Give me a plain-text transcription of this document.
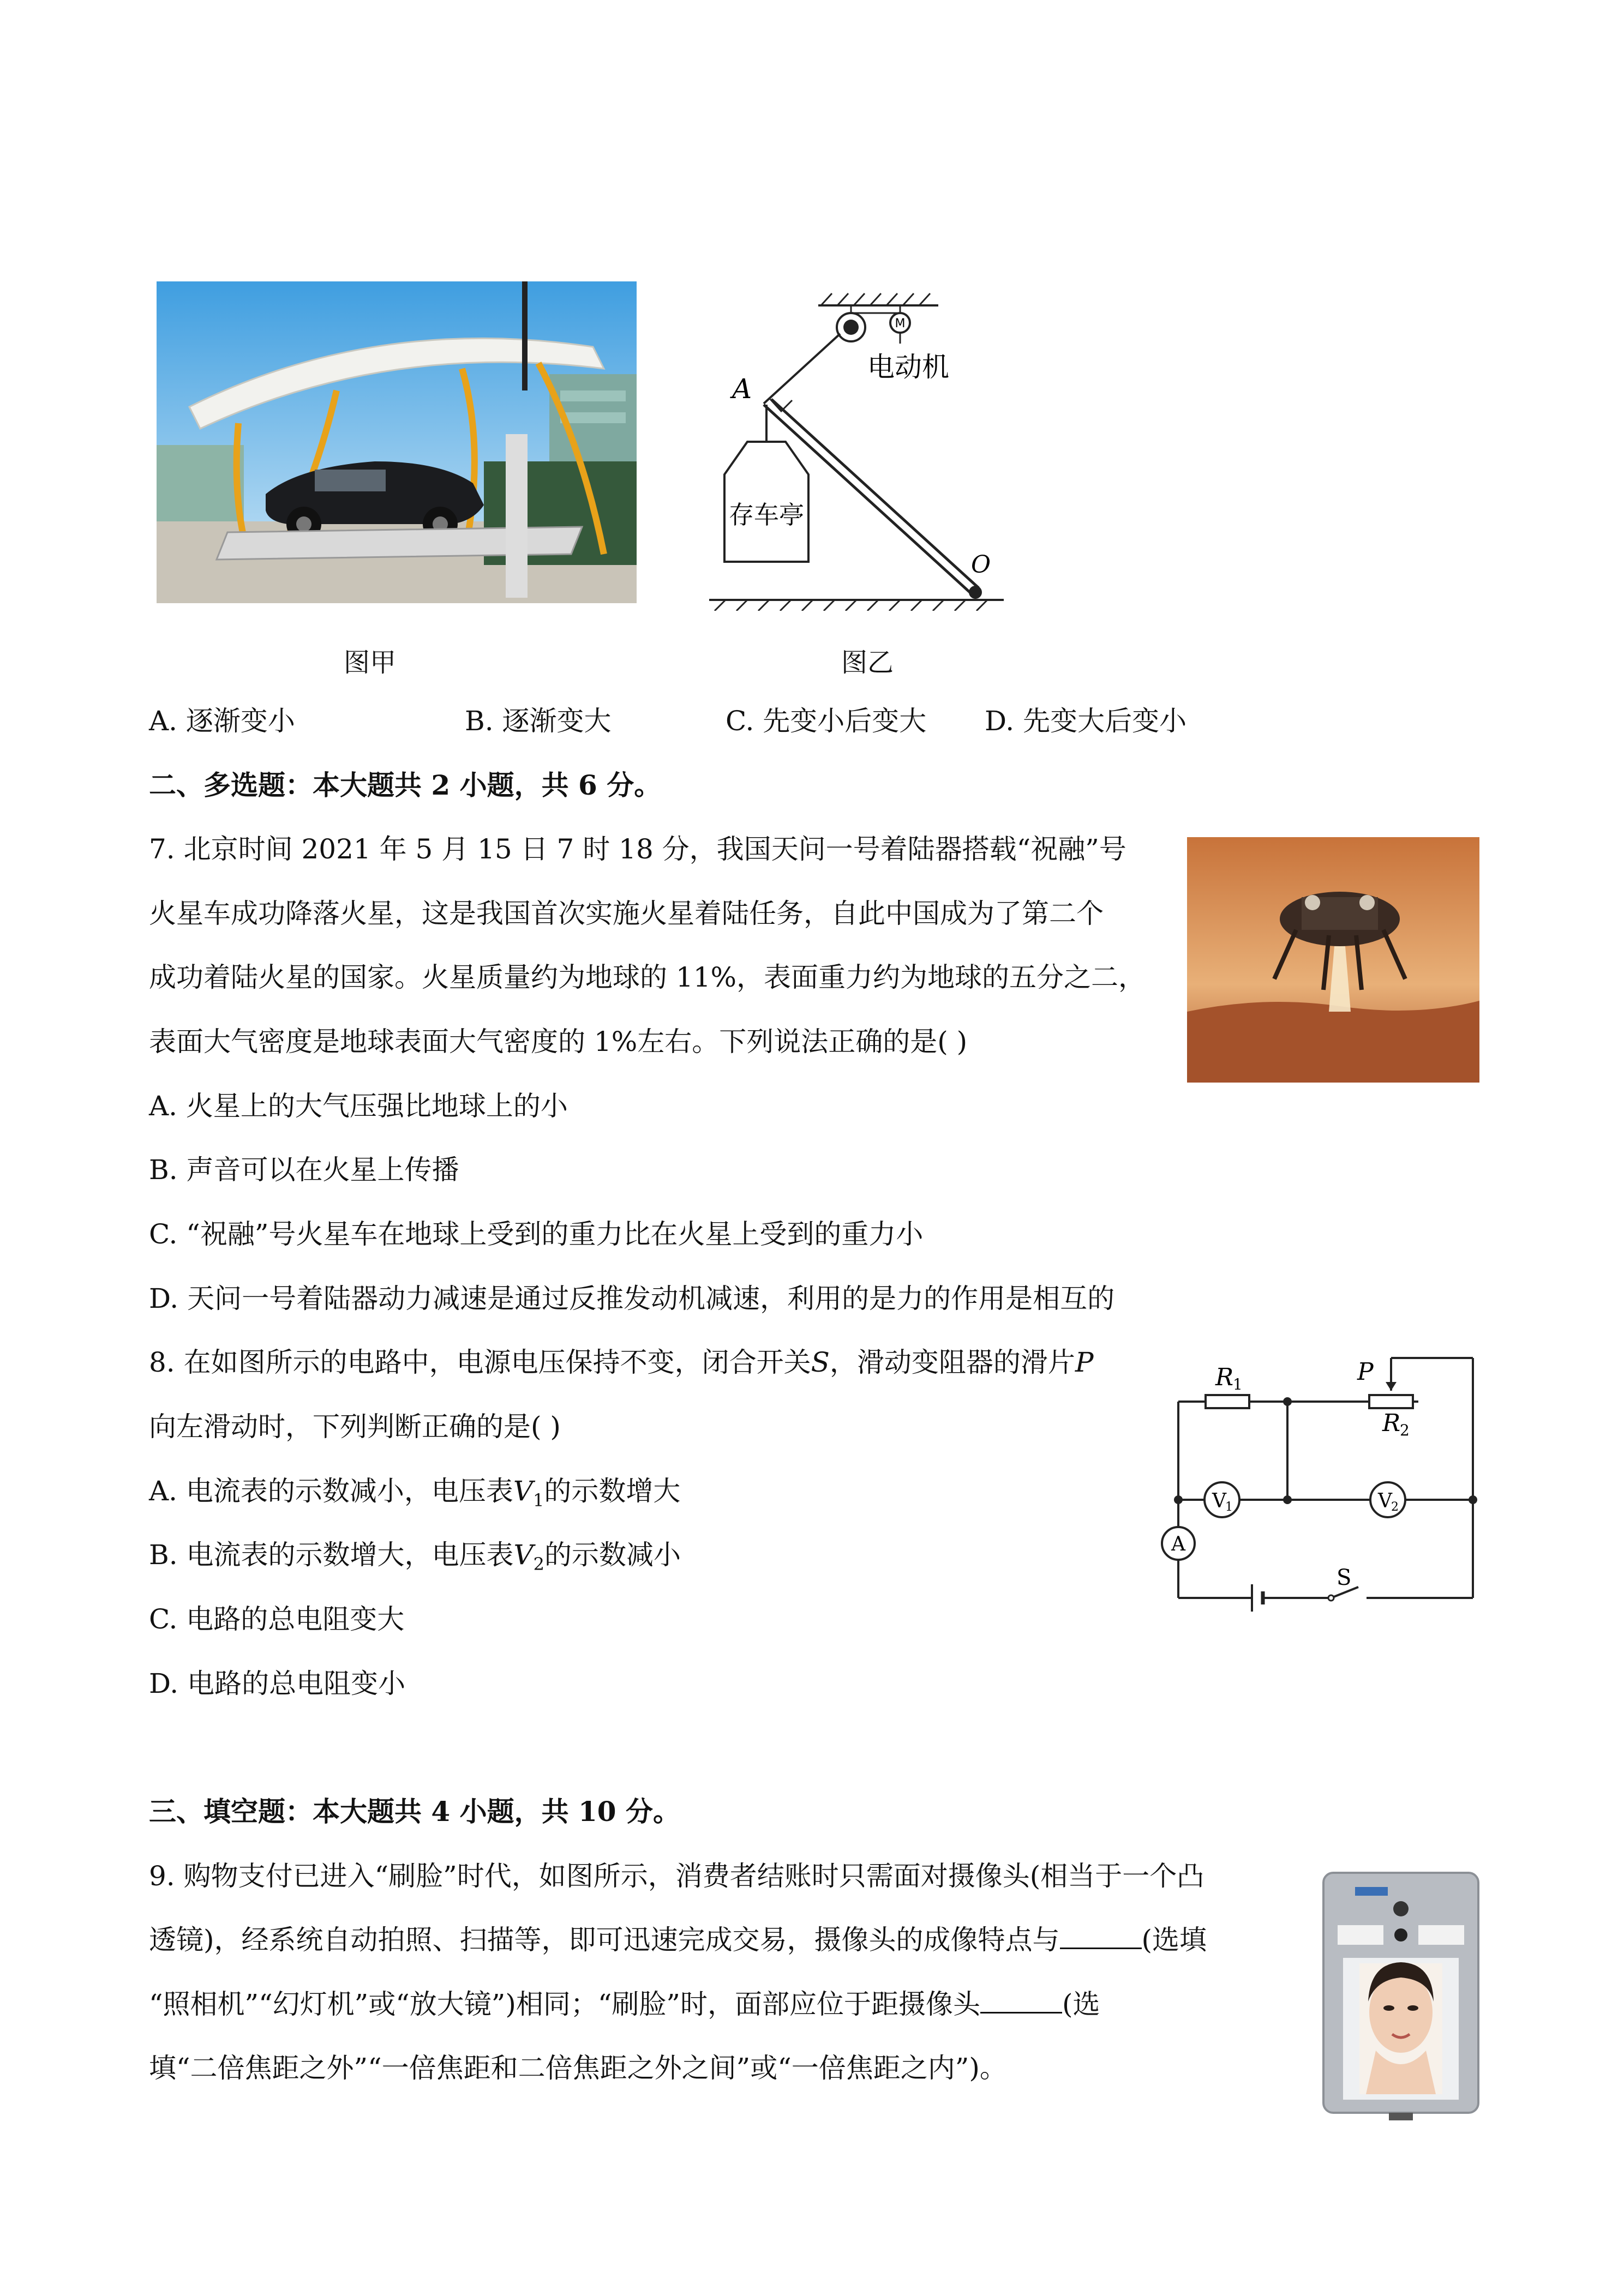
图甲
M
电动机
A
O
存车亭
图乙
A. 逐渐变小	B. 逐渐变大	C. 先变小后变大 D. 先变大后变小
二、多选题：本大题共 2 小题，共 6 分。
7. 北京时间 2021 年 5 月 15 日 7 时 18 分，我国天问一号着陆器搭载“祝融”号
火星车成功降落火星，这是我国首次实施火星着陆任务，自此中国成为了第二个
成功着陆火星的国家。火星质量约为地球的 11%，表面重力约为地球的五分之二，
表面大气密度是地球表面大气密度的 1%左右。下列说法正确的是( )
A. 火星上的大气压强比地球上的小
B. 声音可以在火星上传播
C. “祝融”号火星车在地球上受到的重力比在火星上受到的重力小
D. 天问一号着陆器动力减速是通过反推发动机减速，利用的是力的作用是相互的
8. 在如图所示的电路中，电源电压保持不变，闭合开关S，滑动变阻器的滑片P
向左滑动时，下列判断正确的是( )
A. 电流表的示数减小，电压表$V_1$的示数增大
B. 电流表的示数增大，电压表$V_2$的示数减小
C. 电路的总电阻变大
D. 电路的总电阻变小
R
1	P
R
2
V
1	V
2
A
S
三、填空题：本大题共 4 小题，共 10 分。
9. 购物支付已进入“刷脸”时代，如图所示，消费者结账时只需面对摄像头(相当于一个凸
透镜)，经系统自动拍照、扫描等，即可迅速完成交易，摄像头的成像特点与	(选填
“照相机”“幻灯机”或“放大镜”)相同；“刷脸”时，面部应位于距摄像头	(选
填“二倍焦距之外”“一倍焦距和二倍焦距之外之间”或“一倍焦距之内”)。
